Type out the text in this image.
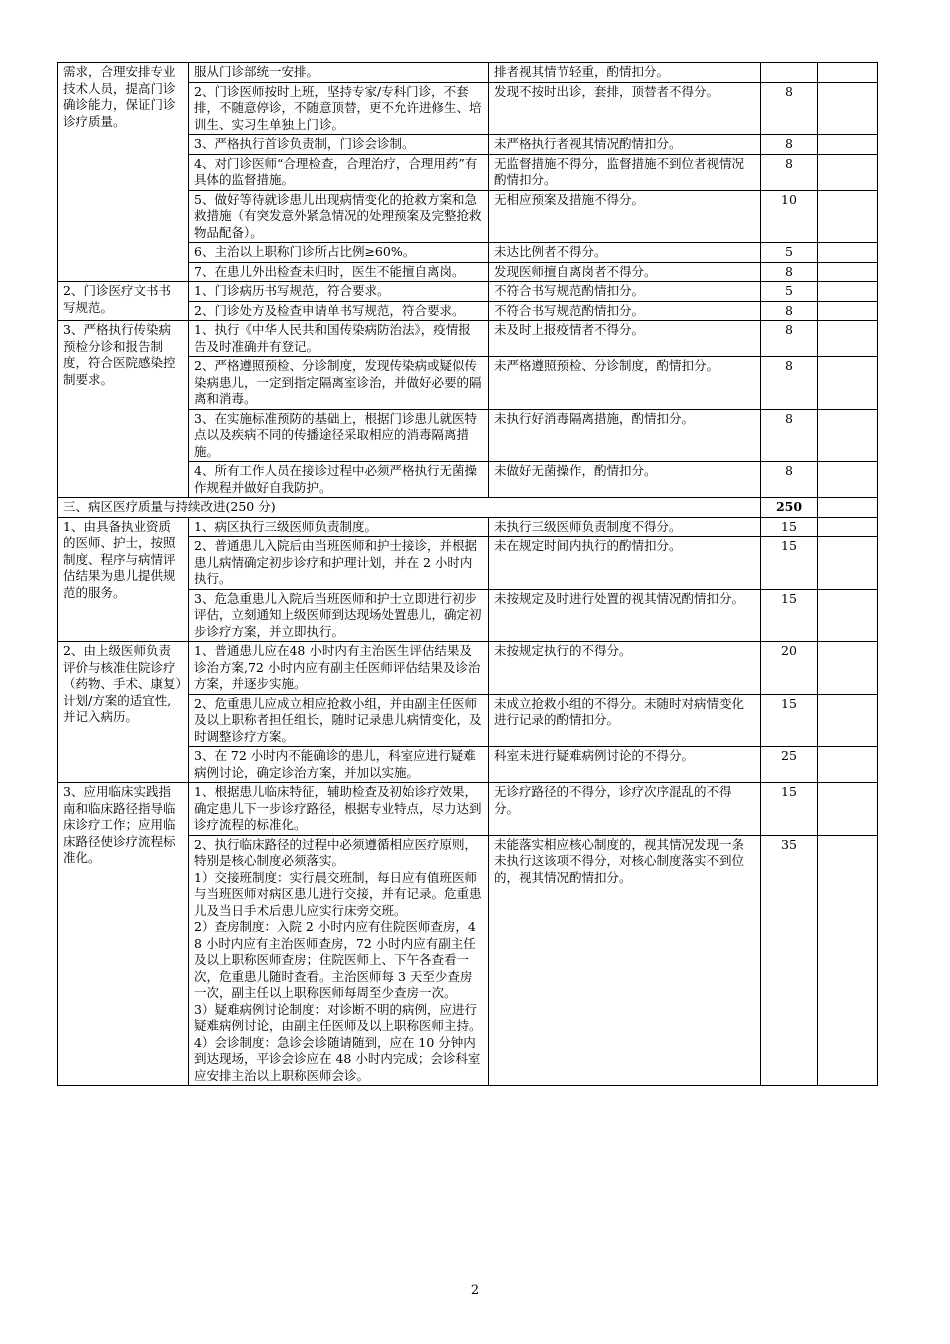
需求，合理安排专业技术人员，提高门诊确诊能力，保证门诊诊疗质量。	服从门诊部统一安排。	排者视其情节轻重，酌情扣分。		

	2、门诊医师按时上班，坚持专家/专科门诊，不套排，不随意停诊，不随意顶替，更不允许进修生、培训生、实习生单独上门诊。	发现不按时出诊，套排，顶替者不得分。	8	

	3、严格执行首诊负责制，门诊会诊制。	未严格执行者视其情况酌情扣分。	8	

	4、对门诊医师“合理检查，合理治疗，合理用药”有具体的监督措施。	无监督措施不得分，监督措施不到位者视情况酌情扣分。	8	

	5、做好等待就诊患儿出现病情变化的抢救方案和急救措施（有突发意外紧急情况的处理预案及完整抢救物品配备）。	无相应预案及措施不得分。	10	

	6、主治以上职称门诊所占比例≥60%。	未达比例者不得分。	5	

	7、在患儿外出检查未归时，医生不能擅自离岗。	发现医师擅自离岗者不得分。	8	
2、门诊医疗文书书写规范。	1、门诊病历书写规范，符合要求。	不符合书写规范酌情扣分。	5	

	2、门诊处方及检查申请单书写规范，符合要求。	不符合书写规范酌情扣分。	8	
3、严格执行传染病预检分诊和报告制度，符合医院感染控制要求。	1、执行《中华人民共和国传染病防治法》，疫情报告及时准确并有登记。	未及时上报疫情者不得分。	8	

	2、严格遵照预检、分诊制度，发现传染病或疑似传染病患儿，一定到指定隔离室诊治，并做好必要的隔离和消毒。	未严格遵照预检、分诊制度，酌情扣分。	8	

	3、在实施标准预防的基础上，根据门诊患儿就医特点以及疾病不同的传播途径采取相应的消毒隔离措施。	未执行好消毒隔离措施，酌情扣分。	8	

	4、所有工作人员在接诊过程中必须严格执行无菌操作规程并做好自我防护。	未做好无菌操作，酌情扣分。	8	
三、病区医疗质量与持续改进(250 分)			250	
1、由具备执业资质的医师、护士，按照制度、程序与病情评估结果为患儿提供规范的服务。	1、病区执行三级医师负责制度。	未执行三级医师负责制度不得分。	15	

	2、普通患儿入院后由当班医师和护士接诊，并根据患儿病情确定初步诊疗和护理计划，并在 2 小时内执行。	未在规定时间内执行的酌情扣分。	15	

	3、危急重患儿入院后当班医师和护士立即进行初步评估，立刻通知上级医师到达现场处置患儿，确定初步诊疗方案，并立即执行。	未按规定及时进行处置的视其情况酌情扣分。	15	
2、由上级医师负责评价与核准住院诊疗（药物、手术、康复）计划/方案的适宜性,并记入病历。	1、普通患儿应在48 小时内有主治医生评估结果及诊治方案,72 小时内应有副主任医师评估结果及诊治方案，并逐步实施。	未按规定执行的不得分。	20	

	2、危重患儿应成立相应抢救小组，并由副主任医师及以上职称者担任组长，随时记录患儿病情变化，及时调整诊疗方案。	未成立抢救小组的不得分。未随时对病情变化进行记录的酌情扣分。	15	

	3、在 72 小时内不能确诊的患儿，科室应进行疑难病例讨论，确定诊治方案，并加以实施。	科室未进行疑难病例讨论的不得分。	25	
3、应用临床实践指南和临床路径指导临床诊疗工作；应用临床路径使诊疗流程标准化。	1、根据患儿临床特征，辅助检查及初始诊疗效果，确定患儿下一步诊疗路径，根据专业特点，尽力达到诊疗流程的标准化。	无诊疗路径的不得分，诊疗次序混乱的不得分。	15	

	2、执行临床路径的过程中必须遵循相应医疗原则，特别是核心制度必须落实。
1）交接班制度：实行晨交班制，每日应有值班医师与当班医师对病区患儿进行交接，并有记录。危重患儿及当日手术后患儿应实行床旁交班。
2）查房制度：入院 2 小时内应有住院医师查房，48 小时内应有主治医师查房，72 小时内应有副主任及以上职称医师查房；住院医师上、下午各查看一次，危重患儿随时查看。主治医师每 3 天至少查房一次，副主任以上职称医师每周至少查房一次。
3）疑难病例讨论制度：对诊断不明的病例，应进行疑难病例讨论，由副主任医师及以上职称医师主持。
4）会诊制度：急诊会诊随请随到，应在 10 分钟内到达现场，平诊会诊应在 48 小时内完成；会诊科室应安排主治以上职称医师会诊。	未能落实相应核心制度的，视其情况发现一条未执行这该项不得分，对核心制度落实不到位的，视其情况酌情扣分。	35	
2
